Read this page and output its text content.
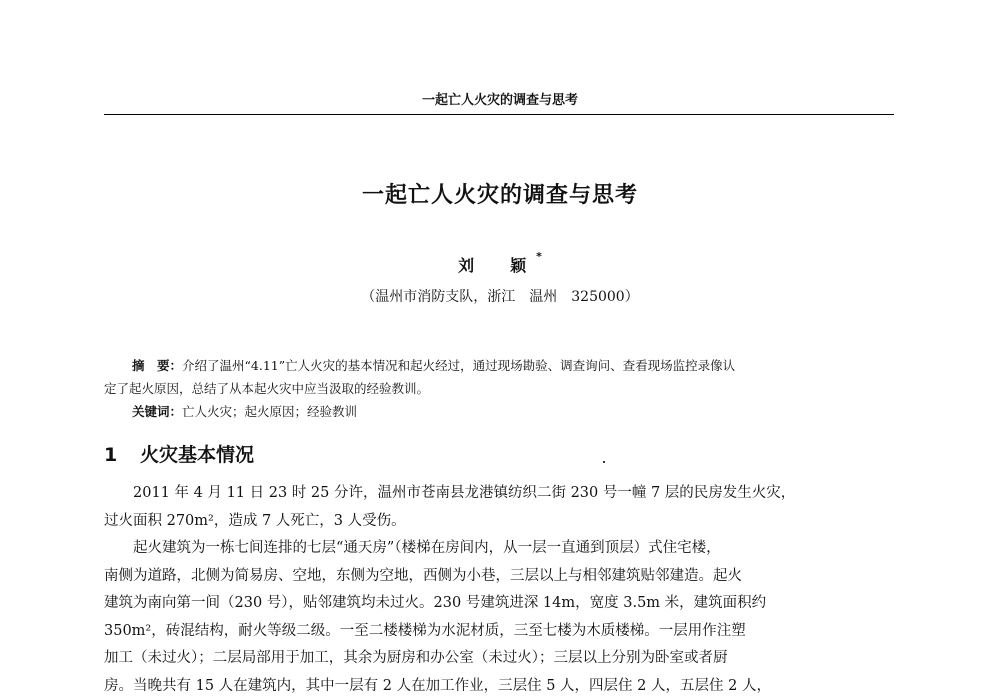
一起亡人火灾的调查与思考
一起亡人火灾的调查与思考
刘　颖*
（温州市消防支队，浙江　温州　325000）
摘　要：介绍了温州“4.11”亡人火灾的基本情况和起火经过，通过现场勘验、调查询问、查看现场监控录像认
定了起火原因，总结了从本起火灾中应当汲取的经验教训。
关键词：亡人火灾；起火原因；经验教训
1 火灾基本情况

2011 年 4 月 11 日 23 时 25 分许，温州市苍南县龙港镇纺织二街 230 号一幢 7 层的民房发生火灾，
过火面积 270m²，造成 7 人死亡，3 人受伤。

起火建筑为一栋七间连排的七层“通天房”（楼梯在房间内，从一层一直通到顶层）式住宅楼，
南侧为道路，北侧为简易房、空地，东侧为空地，西侧为小巷，三层以上与相邻建筑贴邻建造。起火
建筑为南向第一间（230 号），贴邻建筑均未过火。230 号建筑进深 14m，宽度 3.5m 米，建筑面积约
350m²，砖混结构，耐火等级二级。一至二楼楼梯为水泥材质，三至七楼为木质楼梯。一层用作注塑
加工（未过火）；二层局部用于加工，其余为厨房和办公室（未过火）；三层以上分别为卧室或者厨
房。当晚共有 15 人在建筑内，其中一层有 2 人在加工作业，三层住 5 人，四层住 2 人，五层住 2 人，
